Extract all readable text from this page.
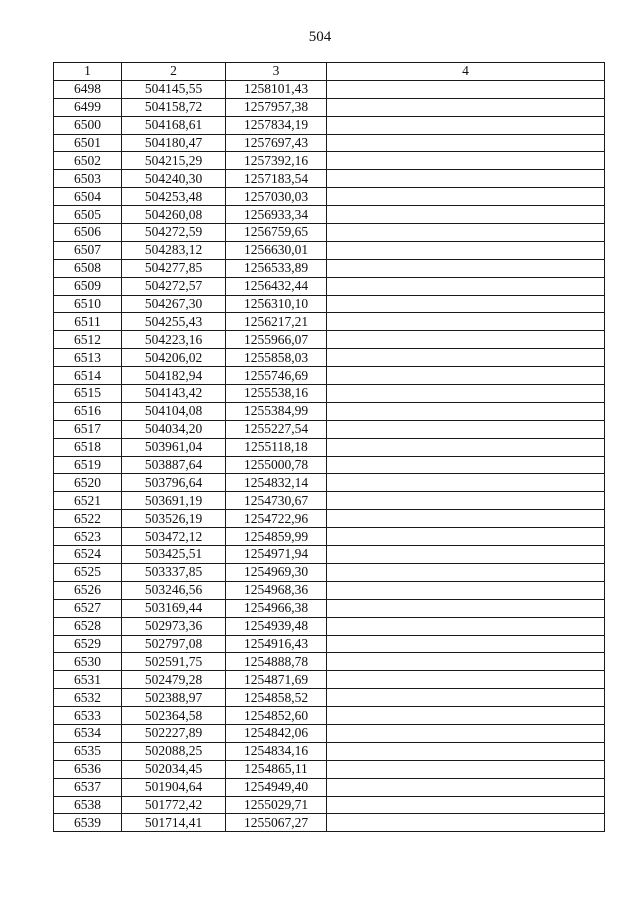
504
1	2	3	4
6498	504145,55	1258101,43	
6499	504158,72	1257957,38	
6500	504168,61	1257834,19	
6501	504180,47	1257697,43	
6502	504215,29	1257392,16	
6503	504240,30	1257183,54	
6504	504253,48	1257030,03	
6505	504260,08	1256933,34	
6506	504272,59	1256759,65	
6507	504283,12	1256630,01	
6508	504277,85	1256533,89	
6509	504272,57	1256432,44	
6510	504267,30	1256310,10	
6511	504255,43	1256217,21	
6512	504223,16	1255966,07	
6513	504206,02	1255858,03	
6514	504182,94	1255746,69	
6515	504143,42	1255538,16	
6516	504104,08	1255384,99	
6517	504034,20	1255227,54	
6518	503961,04	1255118,18	
6519	503887,64	1255000,78	
6520	503796,64	1254832,14	
6521	503691,19	1254730,67	
6522	503526,19	1254722,96	
6523	503472,12	1254859,99	
6524	503425,51	1254971,94	
6525	503337,85	1254969,30	
6526	503246,56	1254968,36	
6527	503169,44	1254966,38	
6528	502973,36	1254939,48	
6529	502797,08	1254916,43	
6530	502591,75	1254888,78	
6531	502479,28	1254871,69	
6532	502388,97	1254858,52	
6533	502364,58	1254852,60	
6534	502227,89	1254842,06	
6535	502088,25	1254834,16	
6536	502034,45	1254865,11	
6537	501904,64	1254949,40	
6538	501772,42	1255029,71	
6539	501714,41	1255067,27	
